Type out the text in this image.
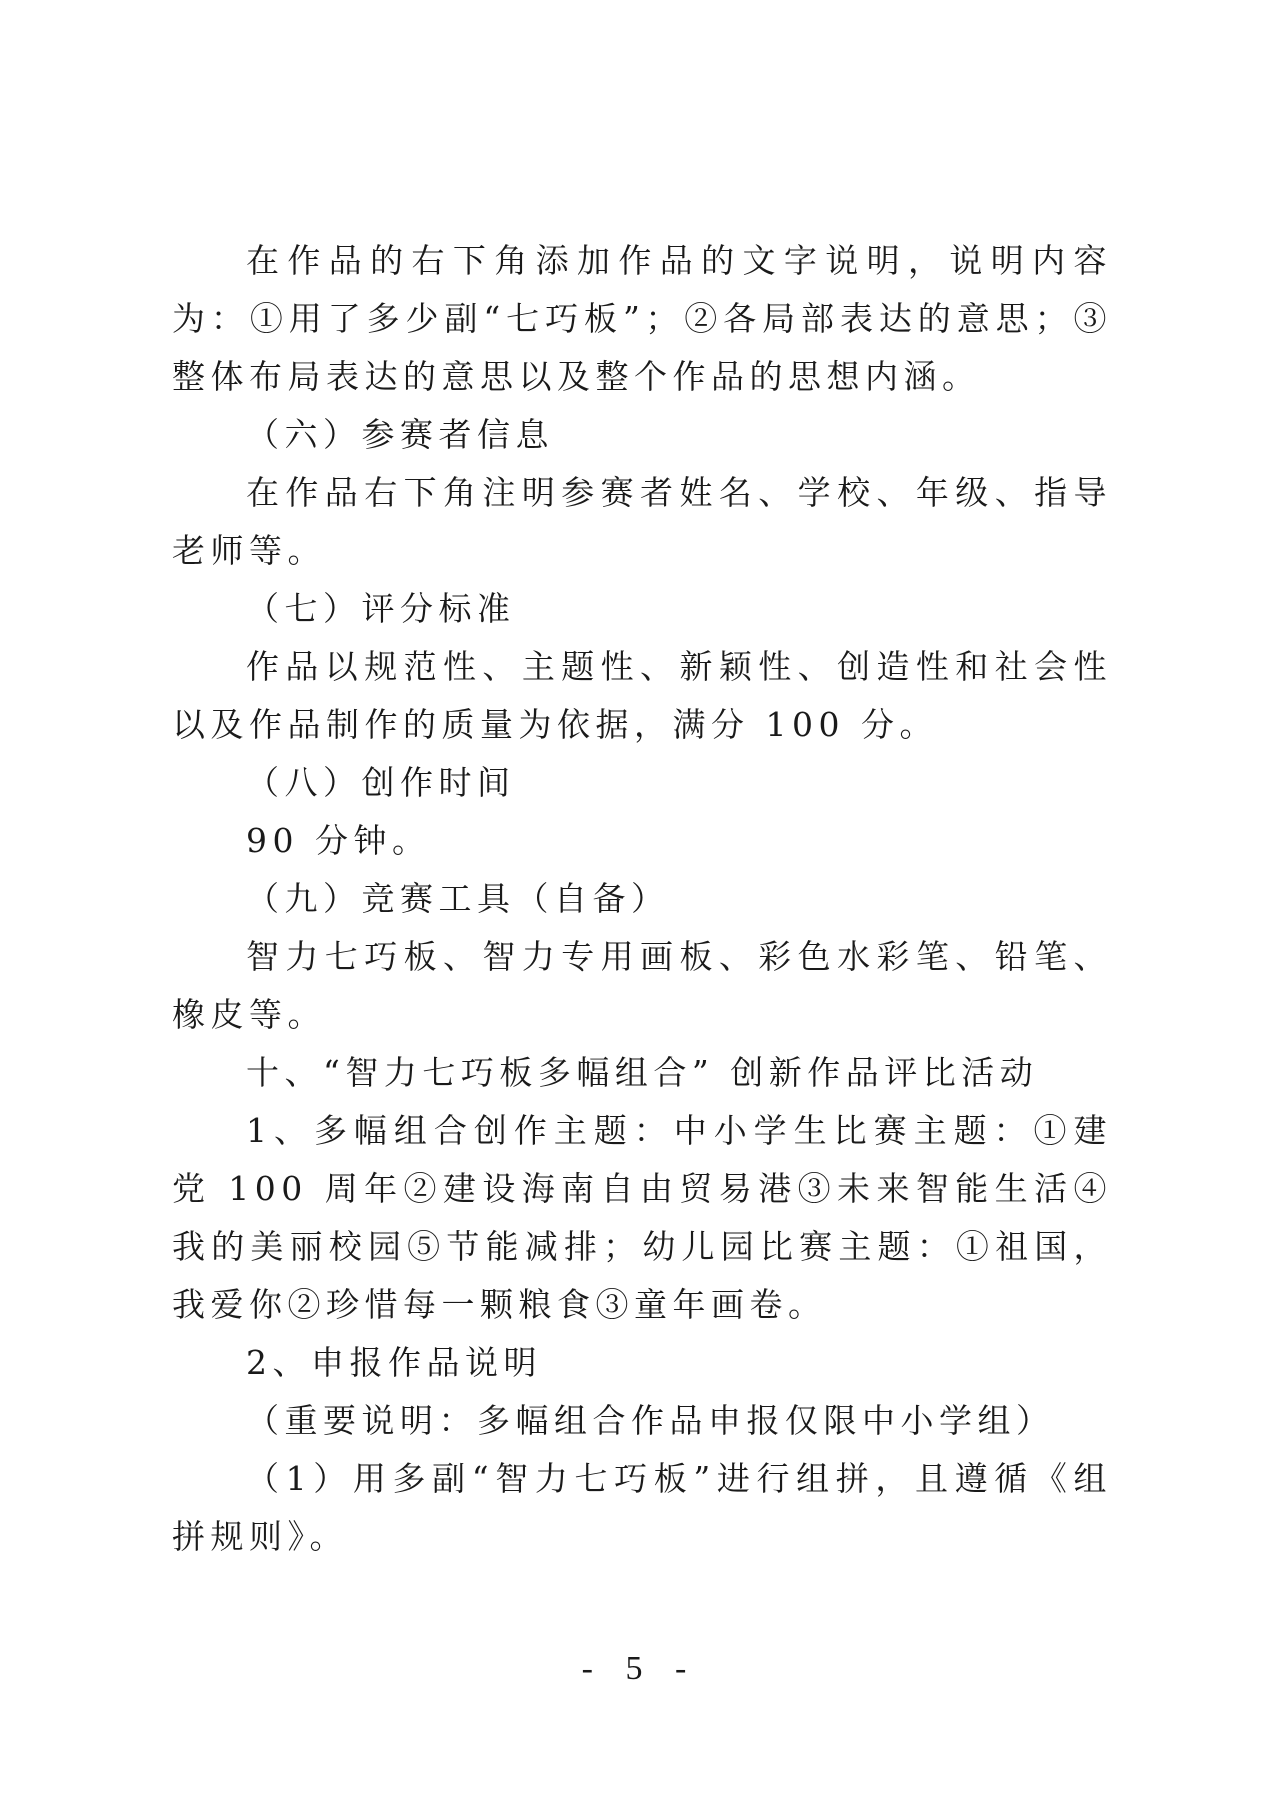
在作品的右下角添加作品的文字说明，说明内容为：①用了多少副“七巧板”；②各局部表达的意思；③整体布局表达的意思以及整个作品的思想内涵。

（六）参赛者信息

在作品右下角注明参赛者姓名、学校、年级、指导老师等。

（七）评分标准

作品以规范性、主题性、新颖性、创造性和社会性以及作品制作的质量为依据，满分 100 分。

（八）创作时间

90 分钟。

（九）竞赛工具（自备）

智力七巧板、智力专用画板、彩色水彩笔、铅笔、橡皮等。

十、“智力七巧板多幅组合” 创新作品评比活动

1、多幅组合创作主题：中小学生比赛主题：①建党 100 周年②建设海南自由贸易港③未来智能生活④我的美丽校园⑤节能减排；幼儿园比赛主题：①祖国，我爱你②珍惜每一颗粮食③童年画卷。

2、申报作品说明

（重要说明：多幅组合作品申报仅限中小学组）

（1）用多副“智力七巧板”进行组拼，且遵循《组拼规则》。

- 5 -
